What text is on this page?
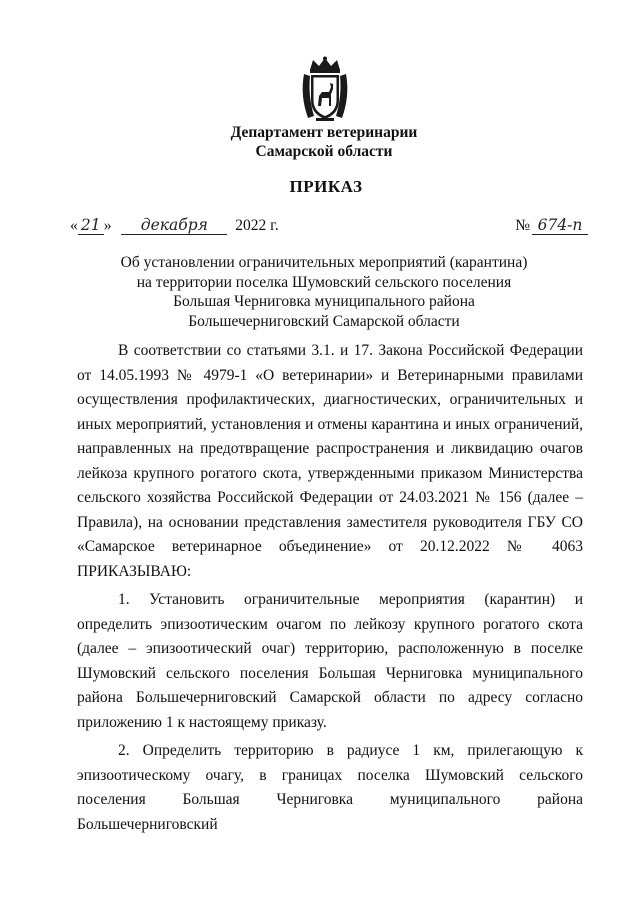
Департамент ветеринарии
Самарской области
ПРИКАЗ
« 21 » декабря 2022 г.	№ 674-п
Об установлении ограничительных мероприятий (карантина)
на территории поселка Шумовский сельского поселения
Большая Черниговка муниципального района
Большечерниговский Самарской области

В соответствии со статьями 3.1. и 17. Закона Российской Федерации от 14.05.1993 № 4979-1 «О ветеринарии» и Ветеринарными правилами осуществления профилактических, диагностических, ограничительных и иных мероприятий, установления и отмены карантина и иных ограничений, направленных на предотвращение распространения и ликвидацию очагов лейкоза крупного рогатого скота, утвержденными приказом Министерства сельского хозяйства Российской Федерации от 24.03.2021 № 156 (далее – Правила), на основании представления заместителя руководителя ГБУ СО «Самарское ветеринарное объединение» от 20.12.2022 № 4063 ПРИКАЗЫВАЮ:

1. Установить ограничительные мероприятия (карантин) и определить эпизоотическим очагом по лейкозу крупного рогатого скота (далее – эпизоотический очаг) территорию, расположенную в поселке Шумовский сельского поселения Большая Черниговка муниципального района Большечерниговский Самарской области по адресу согласно приложению 1 к настоящему приказу.

2. Определить территорию в радиусе 1 км, прилегающую к эпизоотическому очагу, в границах поселка Шумовский сельского поселения Большая Черниговка муниципального района Большечерниговский
